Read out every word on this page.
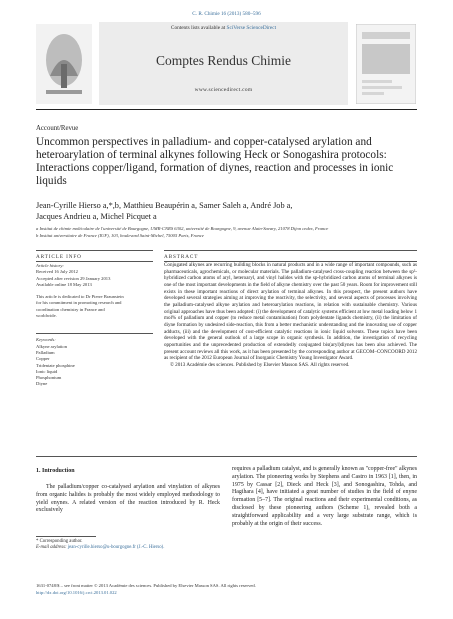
C. R. Chimie 16 (2013) 580–596
Contents lists available at SciVerse ScienceDirect
Comptes Rendus Chimie
www.sciencedirect.com
Account/Revue
Uncommon perspectives in palladium- and copper-catalysed arylation and heteroarylation of terminal alkynes following Heck or Sonogashira protocols: Interactions copper/ligand, formation of diynes, reaction and processes in ionic liquids
Jean-Cyrille Hierso a,*,b, Matthieu Beaupérin a, Samer Saleh a, André Job a,
Jacques Andrieu a, Michel Picquet a
a Institut de chimie moléculaire de l'université de Bourgogne, UMR-CNRS 6302, université de Bourgogne, 9, avenue Alain-Savary, 21078 Dijon cedex, France
b Institut universitaire de France (IUF), 103, boulevard Saint-Michel, 75005 Paris, France
ARTICLE INFO	ABSTRACT
Article history:
Received 16 July 2012
Accepted after revision 29 January 2013
Available online 18 May 2013
This article is dedicated to Dr Pierre Braunstein for his commitment in promoting research and coordination chemistry in France and worldwide.
Keywords:
Alkyne arylation
Palladium
Copper
Tridentate phosphine
Ionic liquid
Phosphonium
Diyne

Conjugated alkynes are recurring building blocks in natural products and in a wide range of important compounds, such as pharmaceuticals, agrochemicals, or molecular materials. The palladium-catalysed cross-coupling reaction between the sp²-hybridized carbon atoms of aryl, heteroaryl, and vinyl halides with the sp-hybridized carbon atoms of terminal alkynes is one of the most important developments in the field of alkyne chemistry over the past 50 years. Room for improvement still exists in these important reactions of direct arylation of terminal alkynes. In this prospect, the present authors have developed several strategies aiming at improving the reactivity, the selectivity, and several aspects of processes involving the palladium-catalysed alkyne arylation and heteroarylation reactions, in relation with sustainable chemistry. Various original approaches have thus been adopted: (i) the development of catalytic systems efficient at low metal loading below 1 mol% of palladium and copper (to reduce metal contamination) from polydentate ligands chemistry, (ii) the limitation of diyne formation by undesired side-reaction, this from a better mechanistic understanding and the innovating use of copper adducts, (iii) and the development of cost-efficient catalytic reactions in ionic liquid solvents. These topics have been developed with the general outlook of a large scope in organic synthesis. In addition, the investigation of recycling opportunities and the unprecedented production of extendedly conjugated bis(aryl)diynes has been also achieved. The present account reviews all this work, as it has been presented by the corresponding author at GECOM–CONCOORD 2012 as recipient of the 2012 European Journal of Inorganic Chemistry Young Investigator Award.

© 2013 Académie des sciences. Published by Elsevier Masson SAS. All rights reserved.

1. Introduction

The palladium/copper co-catalysed arylation and vinylation of alkynes from organic halides is probably the most widely employed methodology to yield enynes. A related version of the reaction introduced by R. Heck exclusively

requires a palladium catalyst, and is generally known as "copper-free" alkynes arylation. The pioneering works by Stephens and Castro in 1963 [1], then, in 1975 by Cassar [2], Dieck and Heck [3], and Sonogashira, Tohda, and Hagihara [4], have initiated a great number of studies in the field of enyne formation [5–7]. The original reactions and their experimental conditions, as disclosed by these pioneering authors (Scheme 1), revealed both a straightforward applicability and a very large substrate range, which is probably at the origin of their success.

* Corresponding author.
E-mail address: jean-cyrille.hierso@u-bourgogne.fr (J.-C. Hierso).
1631-0748/$ – see front matter © 2013 Académie des sciences. Published by Elsevier Masson SAS. All rights reserved.
http://dx.doi.org/10.1016/j.crci.2013.01.022
